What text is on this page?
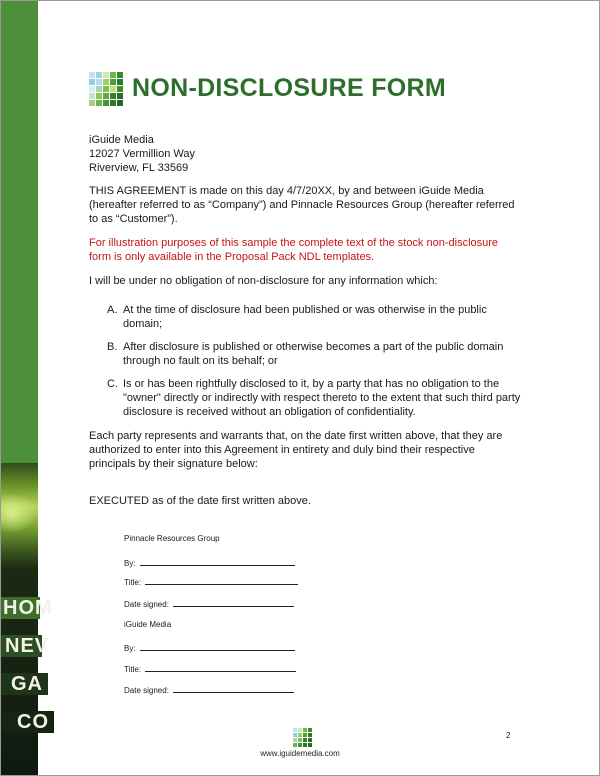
HOM
NEV
GA
CO
NON-DISCLOSURE FORM
iGuide Media
12027 Vermillion Way
Riverview, FL 33569
THIS AGREEMENT is made on this day 4/7/20XX, by and between iGuide Media (hereafter referred to as “Company”) and Pinnacle Resources Group (hereafter referred to as “Customer”).
For illustration purposes of this sample the complete text of the stock non-disclosure form is only available in the Proposal Pack NDL templates.
I will be under no obligation of non-disclosure for any information which:
A. At the time of disclosure had been published or was otherwise in the public domain;
B. After disclosure is published or otherwise becomes a part of the public domain through no fault on its behalf; or
C. Is or has been rightfully disclosed to it, by a party that has no obligation to the "owner" directly or indirectly with respect thereto to the extent that such third party disclosure is received without an obligation of confidentiality.
Each party represents and warrants that, on the date first written above, that they are authorized to enter into this Agreement in entirety and duly bind their respective principals by their signature below:
EXECUTED as of the date first written above.
Pinnacle Resources Group
By:
Title:
Date signed:
iGuide Media
By:
Title:
Date signed:
www.iguidemedia.com
2
